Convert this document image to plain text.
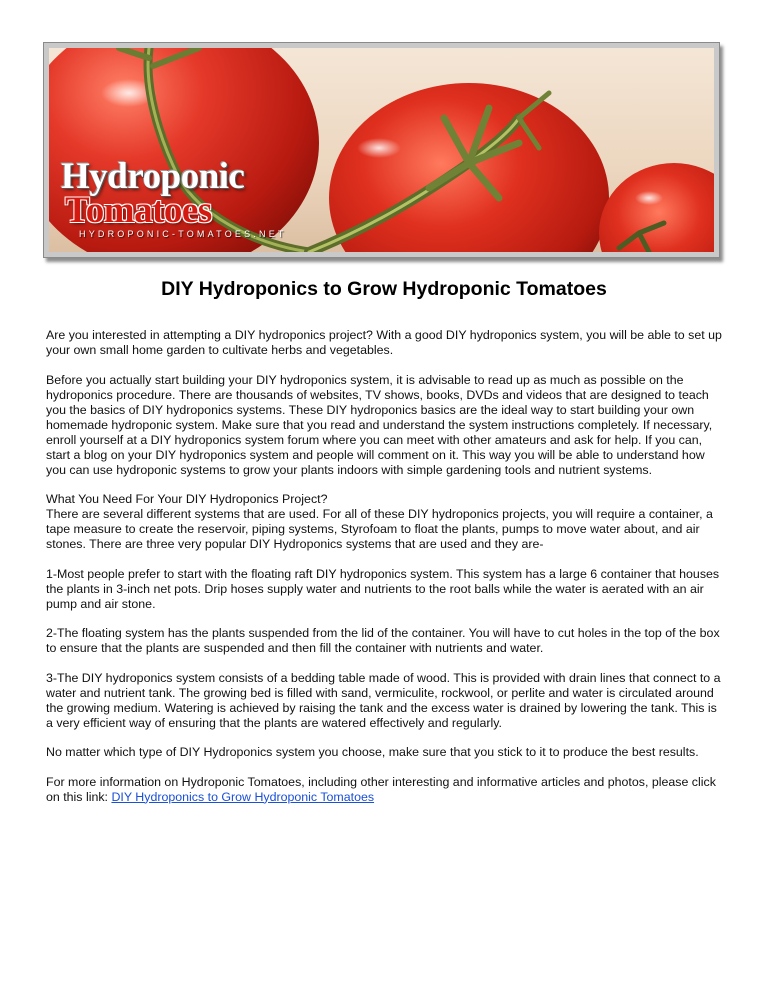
Hydroponic
Tomatoes
HYDROPONIC-TOMATOES.NET
DIY Hydroponics to Grow Hydroponic Tomatoes

Are you interested in attempting a DIY hydroponics project? With a good DIY hydroponics system, you will be able to set up your own small home garden to cultivate herbs and vegetables.

Before you actually start building your DIY hydroponics system, it is advisable to read up as much as possible on the hydroponics procedure. There are thousands of websites, TV shows, books, DVDs and videos that are designed to teach you the basics of DIY hydroponics systems. These DIY hydroponics basics are the ideal way to start building your own homemade hydroponic system. Make sure that you read and understand the system instructions completely. If necessary, enroll yourself at a DIY hydroponics system forum where you can meet with other amateurs and ask for help. If you can, start a blog on your DIY hydroponics system and people will comment on it. This way you will be able to understand how you can use hydroponic systems to grow your plants indoors with simple gardening tools and nutrient systems.

What You Need For Your DIY Hydroponics Project?
There are several different systems that are used. For all of these DIY hydroponics projects, you will require a container, a tape measure to create the reservoir, piping systems, Styrofoam to float the plants, pumps to move water about, and air stones. There are three very popular DIY Hydroponics systems that are used and they are-

1-Most people prefer to start with the floating raft DIY hydroponics system. This system has a large 6 container that houses the plants in 3-inch net pots. Drip hoses supply water and nutrients to the root balls while the water is aerated with an air pump and air stone.

2-The floating system has the plants suspended from the lid of the container. You will have to cut holes in the top of the box to ensure that the plants are suspended and then fill the container with nutrients and water.

3-The DIY hydroponics system consists of a bedding table made of wood. This is provided with drain lines that connect to a water and nutrient tank. The growing bed is filled with sand, vermiculite, rockwool, or perlite and water is circulated around the growing medium. Watering is achieved by raising the tank and the excess water is drained by lowering the tank. This is a very efficient way of ensuring that the plants are watered effectively and regularly.

No matter which type of DIY Hydroponics system you choose, make sure that you stick to it to produce the best results.

For more information on Hydroponic Tomatoes, including other interesting and informative articles and photos, please click on this link: DIY Hydroponics to Grow Hydroponic Tomatoes
